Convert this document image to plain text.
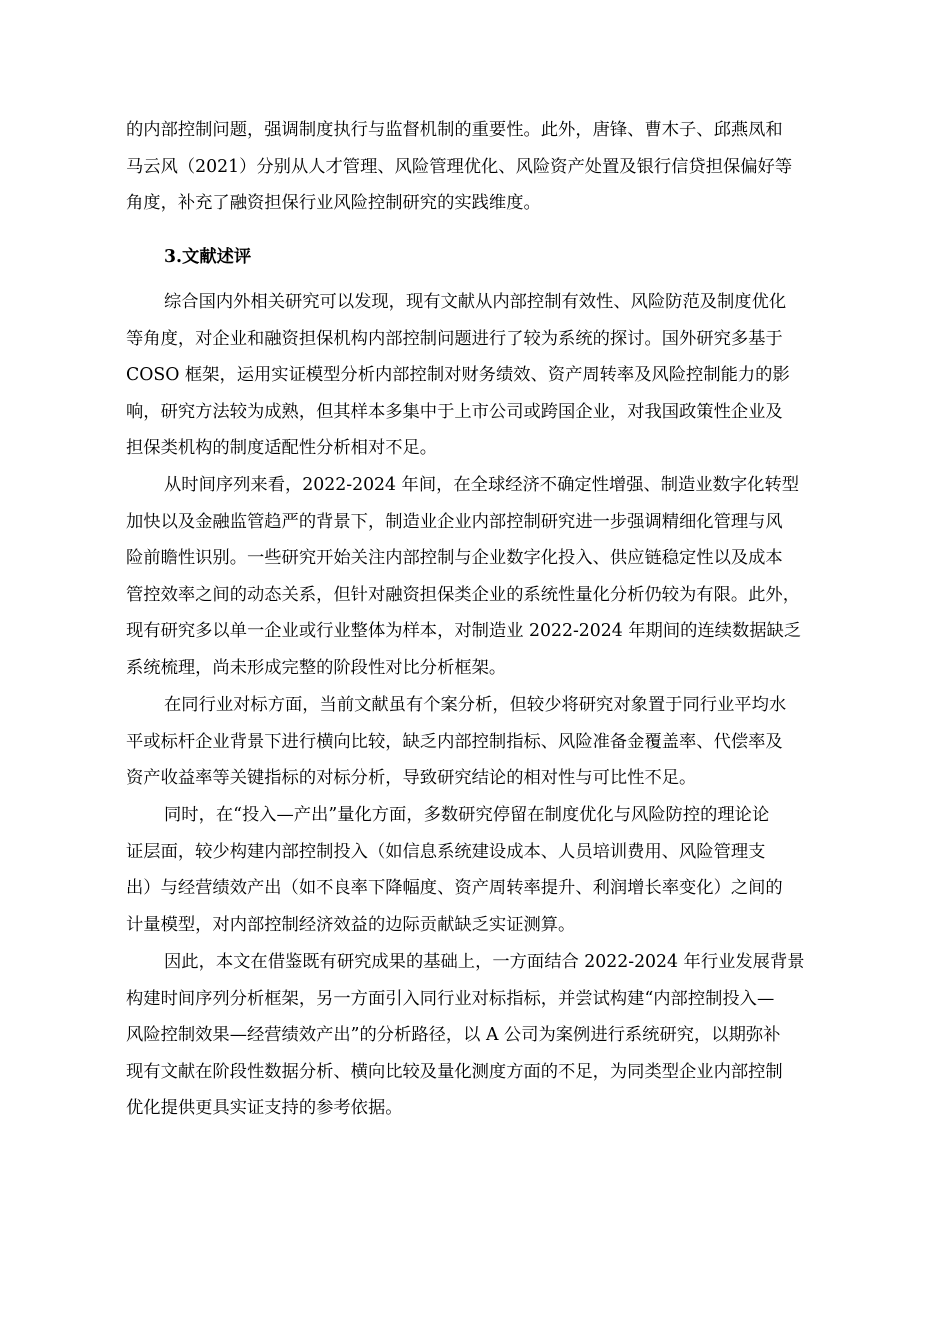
的内部控制问题，强调制度执行与监督机制的重要性。此外，唐锋、曹木子、邱燕凤和
马云风（2021）分别从人才管理、风险管理优化、风险资产处置及银行信贷担保偏好等
角度，补充了融资担保行业风险控制研究的实践维度。
3.文献述评
综合国内外相关研究可以发现，现有文献从内部控制有效性、风险防范及制度优化
等角度，对企业和融资担保机构内部控制问题进行了较为系统的探讨。国外研究多基于
COSO 框架，运用实证模型分析内部控制对财务绩效、资产周转率及风险控制能力的影
响，研究方法较为成熟，但其样本多集中于上市公司或跨国企业，对我国政策性企业及
担保类机构的制度适配性分析相对不足。
从时间序列来看，2022-2024 年间，在全球经济不确定性增强、制造业数字化转型
加快以及金融监管趋严的背景下，制造业企业内部控制研究进一步强调精细化管理与风
险前瞻性识别。一些研究开始关注内部控制与企业数字化投入、供应链稳定性以及成本
管控效率之间的动态关系，但针对融资担保类企业的系统性量化分析仍较为有限。此外，
现有研究多以单一企业或行业整体为样本，对制造业 2022-2024 年期间的连续数据缺乏
系统梳理，尚未形成完整的阶段性对比分析框架。
在同行业对标方面，当前文献虽有个案分析，但较少将研究对象置于同行业平均水
平或标杆企业背景下进行横向比较，缺乏内部控制指标、风险准备金覆盖率、代偿率及
资产收益率等关键指标的对标分析，导致研究结论的相对性与可比性不足。
同时，在“投入—产出”量化方面，多数研究停留在制度优化与风险防控的理论论
证层面，较少构建内部控制投入（如信息系统建设成本、人员培训费用、风险管理支
出）与经营绩效产出（如不良率下降幅度、资产周转率提升、利润增长率变化）之间的
计量模型，对内部控制经济效益的边际贡献缺乏实证测算。
因此，本文在借鉴既有研究成果的基础上，一方面结合 2022-2024 年行业发展背景
构建时间序列分析框架，另一方面引入同行业对标指标，并尝试构建“内部控制投入—
风险控制效果—经营绩效产出”的分析路径，以 A 公司为案例进行系统研究，以期弥补
现有文献在阶段性数据分析、横向比较及量化测度方面的不足，为同类型企业内部控制
优化提供更具实证支持的参考依据。
